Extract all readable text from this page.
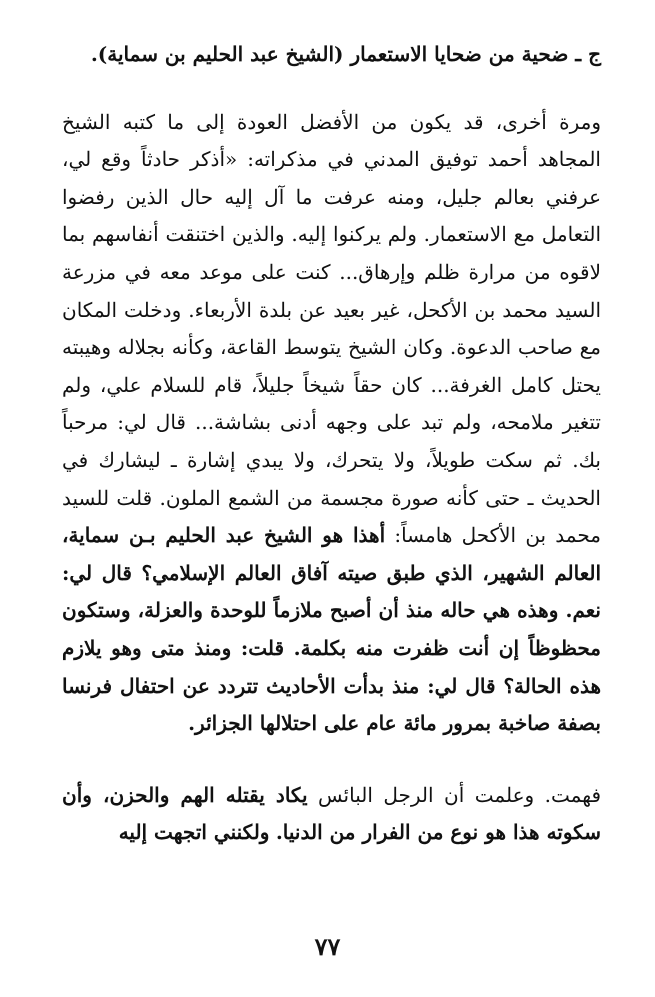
ج ـ ضحية من ضحايا الاستعمار (الشيخ عبد الحليم بن سماية).

ومرة أخرى، قد يكون من الأفضل العودة إلى ما كتبه الشيخ المجاهد أحمد توفيق المدني في مذكراته: «أذكر حادثاً وقع لي، عرفني بعالم جليل، ومنه عرفت ما آل إليه حال الذين رفضوا التعامل مع الاستعمار. ولم يركنوا إليه. والذين اختنقت أنفاسهم بما لاقوه من مرارة ظلم وإرهاق... كنت على موعد معه في مزرعة السيد محمد بن الأكحل، غير بعيد عن بلدة الأربعاء. ودخلت المكان مع صاحب الدعوة. وكان الشيخ يتوسط القاعة، وكأنه بجلاله وهيبته يحتل كامل الغرفة... كان حقاً شيخاً جليلاً، قام للسلام علي، ولم تتغير ملامحه، ولم تبد على وجهه أدنى بشاشة... قال لي: مرحباً بك. ثم سكت طويلاً، ولا يتحرك، ولا يبدي إشارة ـ ليشارك في الحديث ـ حتى كأنه صورة مجسمة من الشمع الملون. قلت للسيد محمد بن الأكحل هامساً: أهذا هو الشيخ عبد الحليم بـن سماية، العالم الشهير، الذي طبق صيته آفاق العالم الإسلامي؟ قال لي: نعم. وهذه هي حاله منذ أن أصبح ملازماً للوحدة والعزلة، وستكون محظوظاً إن أنت ظفرت منه بكلمة. قلت: ومنذ متى وهو يلازم هذه الحالة؟ قال لي: منذ بدأت الأحاديث تتردد عن احتفال فرنسا بصفة صاخبة بمرور مائة عام على احتلالها الجزائر.

فهمت. وعلمت أن الرجل البائس يكاد يقتله الهم والحزن، وأن سكوته هذا هو نوع من الفرار من الدنيا. ولكنني اتجهت إليه

٧٧
